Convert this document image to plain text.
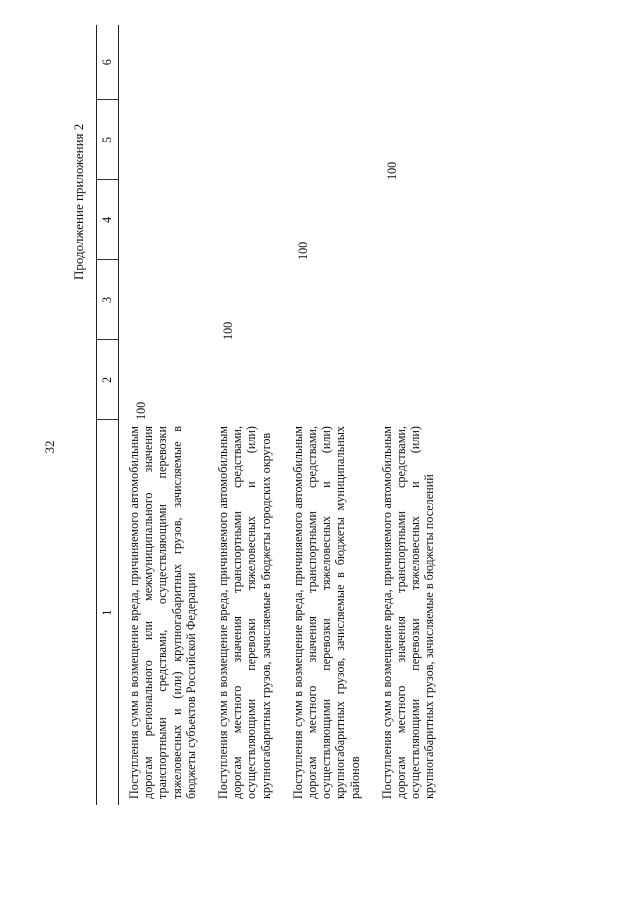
32
Продолжение приложения 2
1	2	3	4	5	6
Поступления сумм в возмещение вреда, причиняемого автомобильным дорогам регионального или межмуниципального значения транспортными средствами, осуществляющими перевозки тяжеловесных и (или) крупногабаритных грузов, зачисляемые в бюджеты субъектов Российской Федерации	100				
Поступления сумм в возмещение вреда, причиняемого автомобильным дорогам местного значения транспортными средствами, осуществляющими перевозки тяжеловесных и (или) крупногабаритных грузов, зачисляемые в бюджеты городских округов		100			
Поступления сумм в возмещение вреда, причиняемого автомобильным дорогам местного значения транспортными средствами, осуществляющими перевозки тяжеловесных и (или) крупногабаритных грузов, зачисляемые в бюджеты муниципальных районов			100		
Поступления сумм в возмещение вреда, причиняемого автомобильным дорогам местного значения транспортными средствами, осуществляющими перевозки тяжеловесных и (или) крупногабаритных грузов, зачисляемые в бюджеты поселений				100	
